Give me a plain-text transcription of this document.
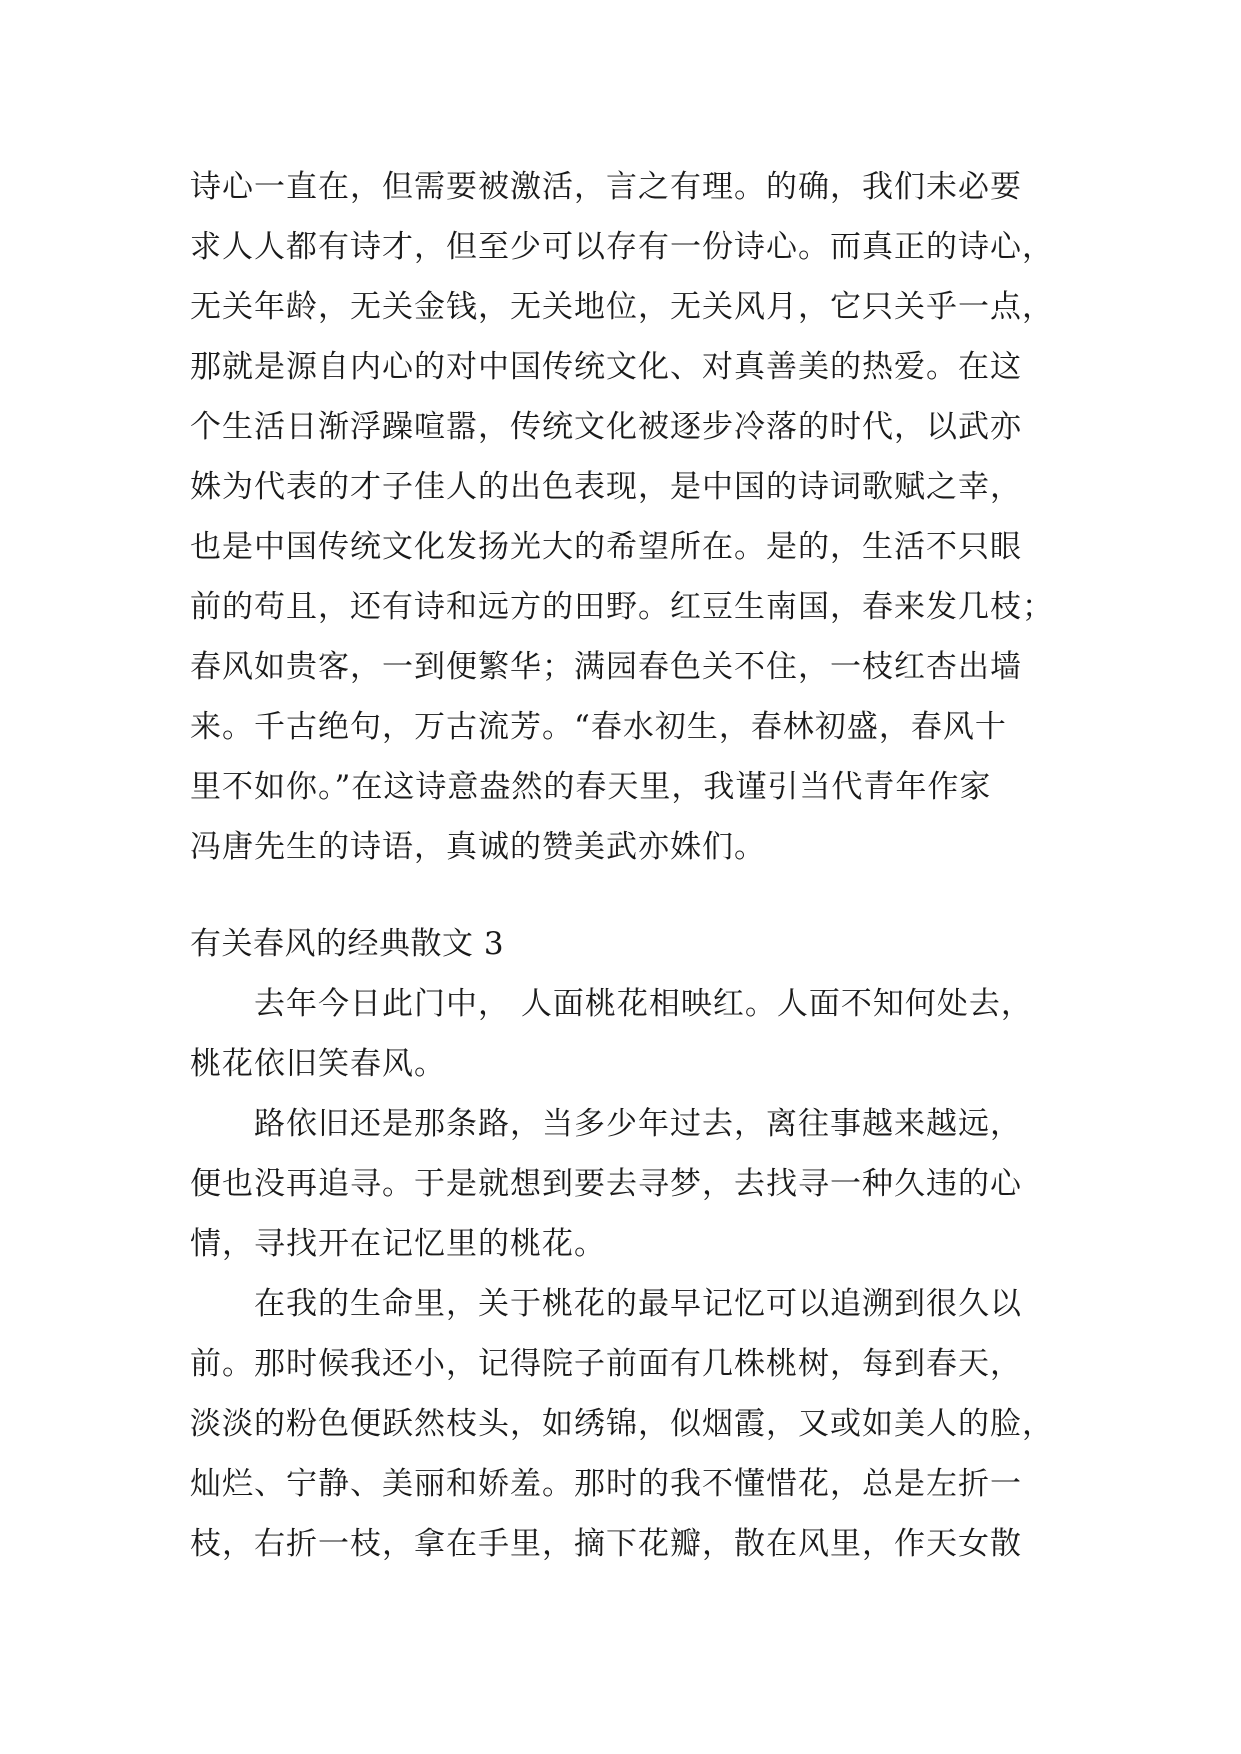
诗心一直在，但需要被激活，言之有理。的确，我们未必要
求人人都有诗才，但至少可以存有一份诗心。而真正的诗心，
无关年龄，无关金钱，无关地位，无关风月，它只关乎一点，
那就是源自内心的对中国传统文化、对真善美的热爱。在这
个生活日渐浮躁喧嚣，传统文化被逐步冷落的时代，以武亦
姝为代表的才子佳人的出色表现，是中国的诗词歌赋之幸，
也是中国传统文化发扬光大的希望所在。是的，生活不只眼
前的苟且，还有诗和远方的田野。红豆生南国，春来发几枝；
春风如贵客，一到便繁华；满园春色关不住，一枝红杏出墙
来。千古绝句，万古流芳。“春水初生，春林初盛，春风十
里不如你。”在这诗意盎然的春天里，我谨引当代青年作家
冯唐先生的诗语，真诚的赞美武亦姝们。
有关春风的经典散文 3
　　去年今日此门中， 人面桃花相映红。人面不知何处去，
桃花依旧笑春风。
　　路依旧还是那条路，当多少年过去，离往事越来越远，
便也没再追寻。于是就想到要去寻梦，去找寻一种久违的心
情，寻找开在记忆里的桃花。
　　在我的生命里，关于桃花的最早记忆可以追溯到很久以
前。那时候我还小，记得院子前面有几株桃树，每到春天，
淡淡的粉色便跃然枝头，如绣锦，似烟霞，又或如美人的脸，
灿烂、宁静、美丽和娇羞。那时的我不懂惜花，总是左折一
枝，右折一枝，拿在手里，摘下花瓣，散在风里，作天女散
